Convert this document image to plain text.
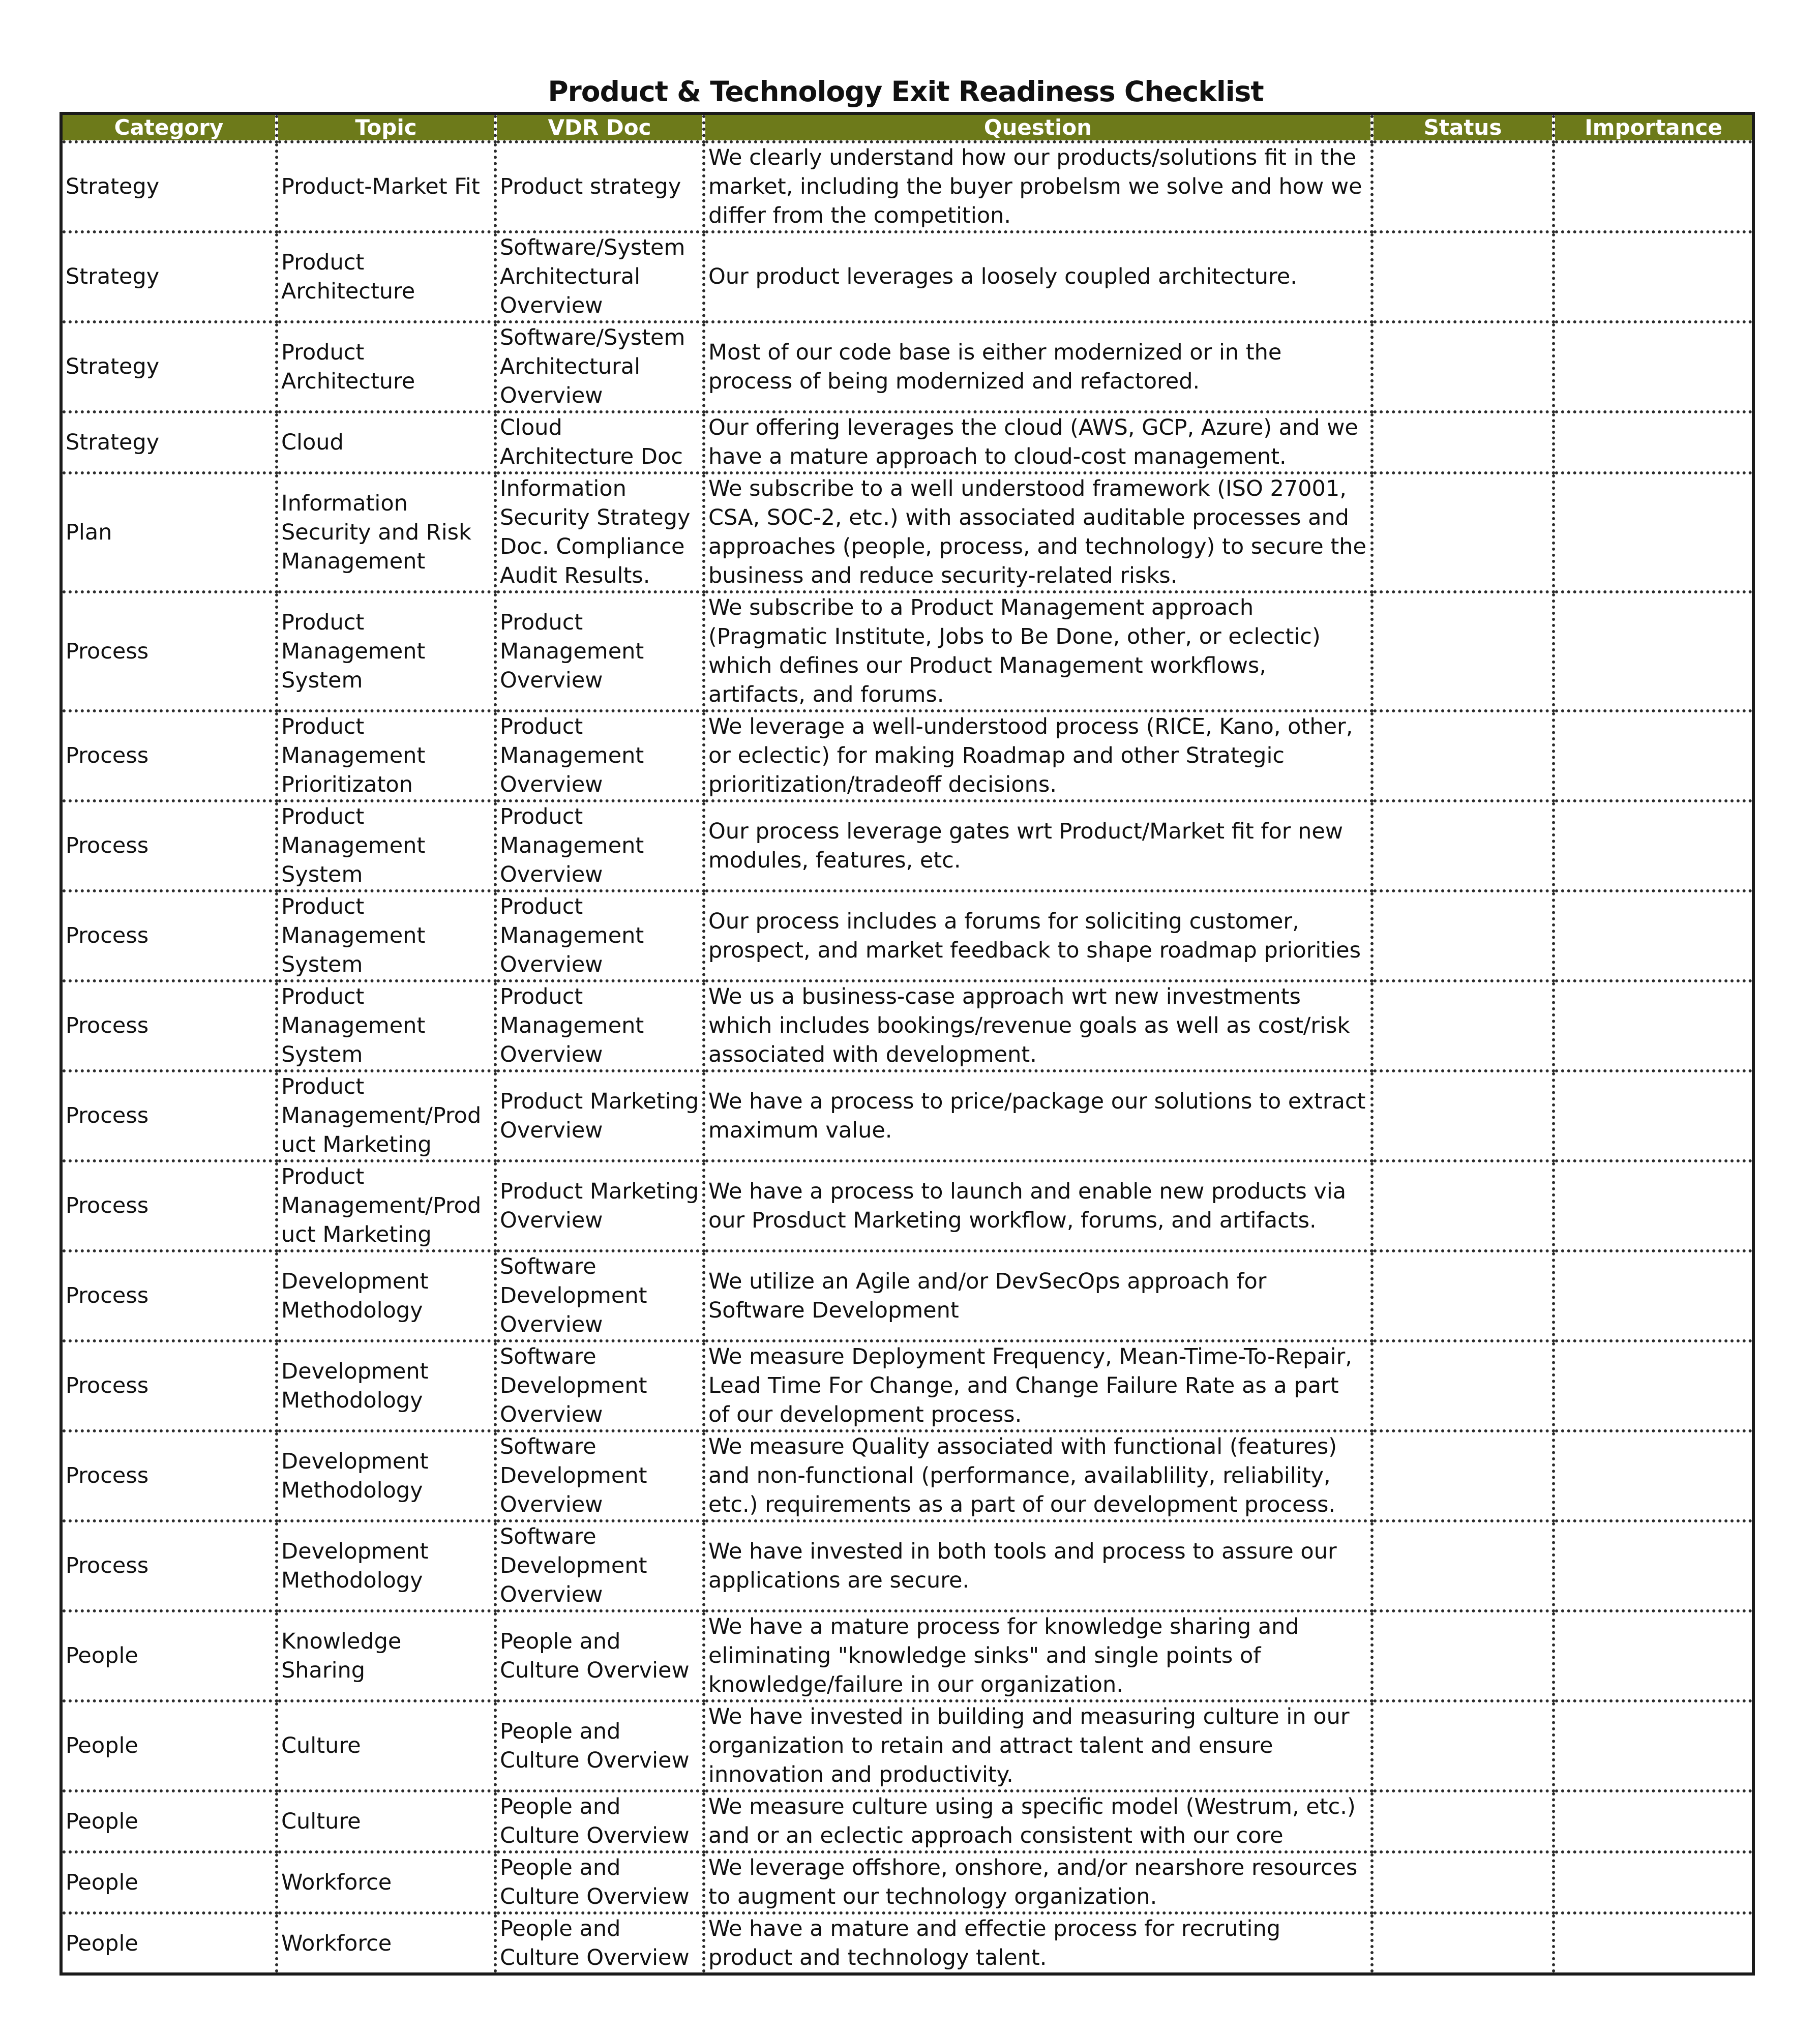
Product & Technology Exit Readiness Checklist
Category	Topic	VDR Doc	Question	Status	Importance
Strategy	Product-Market Fit	Product strategy	We clearly understand how our products/solutions fit in the market, including the buyer probelsm we solve and how we differ from the competition.		
Strategy	Product Architecture	Software/System Architectural Overview	Our product leverages a loosely coupled architecture.		
Strategy	Product Architecture	Software/System Architectural Overview	Most of our code base is either modernized or in the process of being modernized and refactored.		
Strategy	Cloud	Cloud Architecture Doc	Our offering leverages the cloud (AWS, GCP, Azure) and we have a mature approach to cloud-cost management.		
Plan	Information Security and Risk Management	Information Security Strategy Doc. Compliance Audit Results.	We subscribe to a well understood framework (ISO 27001, CSA, SOC-2, etc.) with associated auditable processes and approaches (people, process, and technology) to secure the business and reduce security-related risks.		
Process	Product Management System	Product Management Overview	We subscribe to a Product Management approach (Pragmatic Institute, Jobs to Be Done, other, or eclectic) which defines our Product Management workflows, artifacts, and forums.		
Process	Product Management Prioritizaton	Product Management Overview	We leverage a well-understood process (RICE, Kano, other, or eclectic) for making Roadmap and other Strategic prioritization/tradeoff decisions.		
Process	Product Management System	Product Management Overview	Our process leverage gates wrt Product/Market fit for new modules, features, etc.		
Process	Product Management System	Product Management Overview	Our process includes a forums for soliciting customer, prospect, and market feedback to shape roadmap priorities		
Process	Product Management System	Product Management Overview	We us a business-case approach wrt new investments which includes bookings/revenue goals as well as cost/risk associated with development.		
Process	Product Management/Product Marketing	Product Marketing Overview	We have a process to price/package our solutions to extract maximum value.		
Process	Product Management/Product Marketing	Product Marketing Overview	We have a process to launch and enable new products via our Prosduct Marketing workflow, forums, and artifacts.		
Process	Development Methodology	Software Development Overview	We utilize an Agile and/or DevSecOps approach for Software Development		
Process	Development Methodology	Software Development Overview	We measure Deployment Frequency, Mean-Time-To-Repair, Lead Time For Change, and Change Failure Rate as a part of our development process.		
Process	Development Methodology	Software Development Overview	We measure Quality associated with functional (features) and non-functional (performance, availablility, reliability, etc.) requirements as a part of our development process.		
Process	Development Methodology	Software Development Overview	We have invested in both tools and process to assure our applications are secure.		
People	Knowledge Sharing	People and Culture Overview	We have a mature process for knowledge sharing and eliminating "knowledge sinks" and single points of knowledge/failure in our organization.		
People	Culture	People and Culture Overview	We have invested in building and measuring culture in our organization to retain and attract talent and ensure innovation and productivity.		
People	Culture	People and Culture Overview	We measure culture using a specific model (Westrum, etc.) and or an eclectic approach consistent with our core		
People	Workforce	People and Culture Overview	We leverage offshore, onshore, and/or nearshore resources to augment our technology organization.		
People	Workforce	People and Culture Overview	We have a mature and effectie process for recruting product and technology talent.		
